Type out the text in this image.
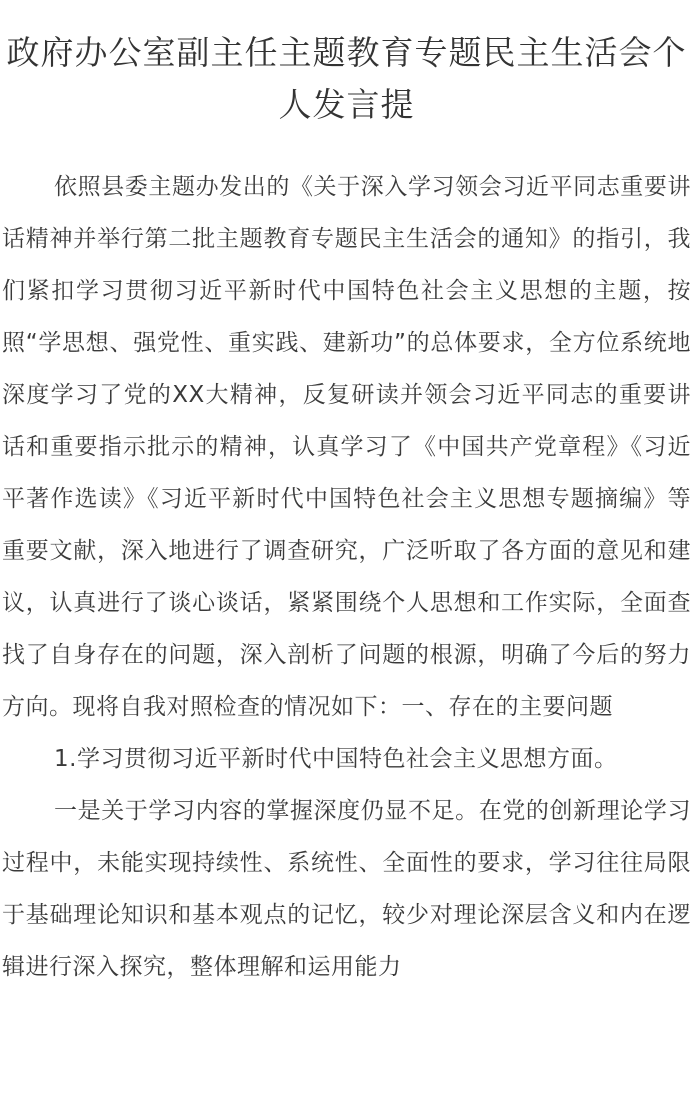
政府办公室副主任主题教育专题民主生活会个人发言提

依照县委主题办发出的《关于深入学习领会习近平同志重要讲话精神并举行第二批主题教育专题民主生活会的通知》的指引，我们紧扣学习贯彻习近平新时代中国特色社会主义思想的主题，按照“学思想、强党性、重实践、建新功”的总体要求，全方位系统地深度学习了党的XX大精神，反复研读并领会习近平同志的重要讲话和重要指示批示的精神，认真学习了《中国共产党章程》《习近平著作选读》《习近平新时代中国特色社会主义思想专题摘编》等重要文献，深入地进行了调查研究，广泛听取了各方面的意见和建议，认真进行了谈心谈话，紧紧围绕个人思想和工作实际，全面查找了自身存在的问题，深入剖析了问题的根源，明确了今后的努力方向。现将自我对照检查的情况如下：一、存在的主要问题

1.学习贯彻习近平新时代中国特色社会主义思想方面。

一是关于学习内容的掌握深度仍显不足。在党的创新理论学习过程中，未能实现持续性、系统性、全面性的要求，学习往往局限于基础理论知识和基本观点的记忆，较少对理论深层含义和内在逻辑进行深入探究，整体理解和运用能力
